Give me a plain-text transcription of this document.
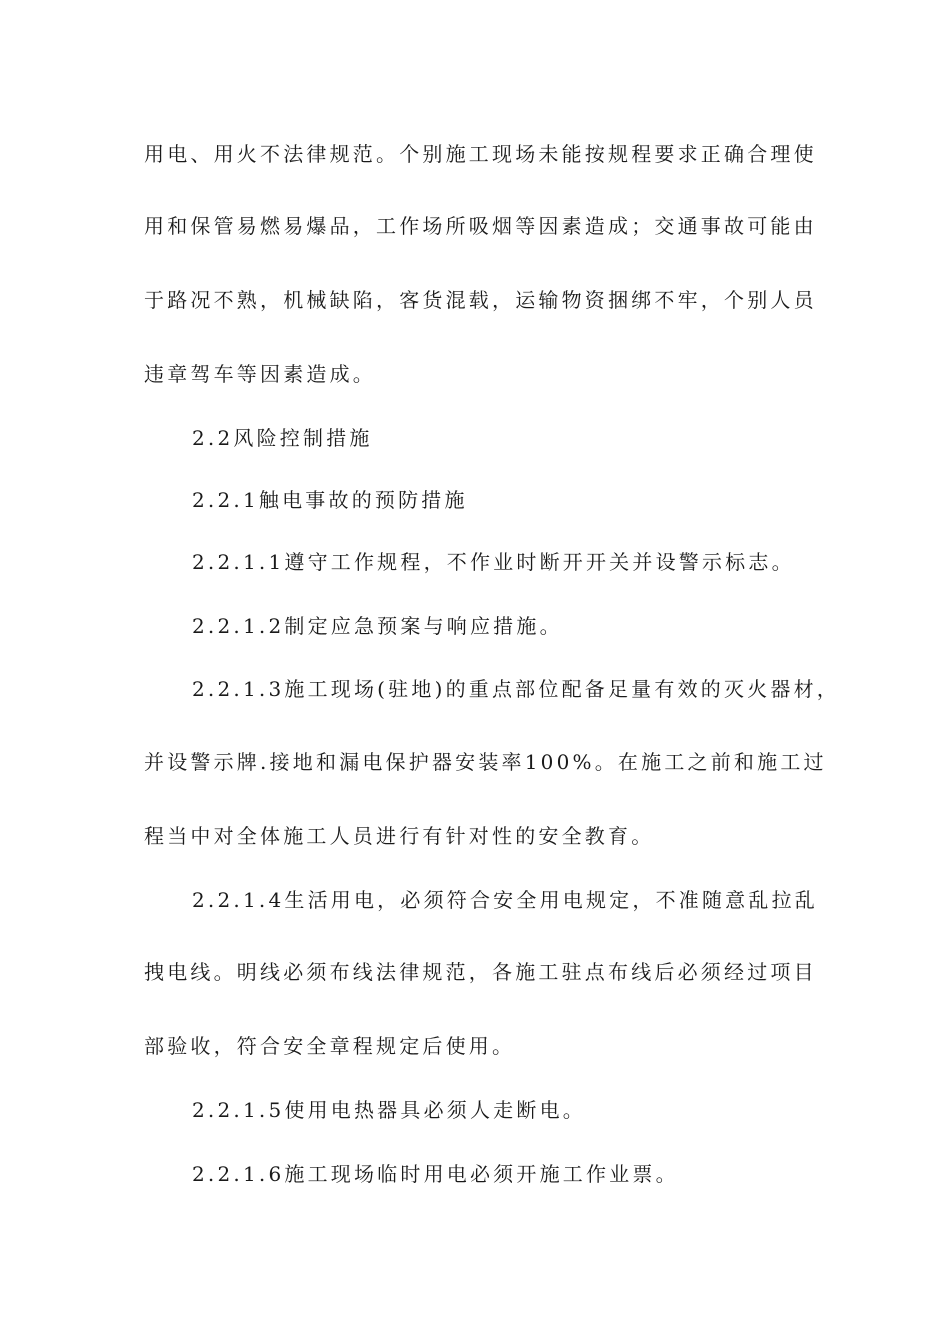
用电、用火不法律规范。个别施工现场未能按规程要求正确合理使
用和保管易燃易爆品，工作场所吸烟等因素造成；交通事故可能由
于路况不熟，机械缺陷，客货混载，运输物资捆绑不牢，个别人员
违章驾车等因素造成。
2.2风险控制措施
2.2.1触电事故的预防措施
2.2.1.1遵守工作规程，不作业时断开开关并设警示标志。
2.2.1.2制定应急预案与响应措施。
2.2.1.3施工现场(驻地)的重点部位配备足量有效的灭火器材，
并设警示牌.接地和漏电保护器安装率100%。在施工之前和施工过
程当中对全体施工人员进行有针对性的安全教育。
2.2.1.4生活用电，必须符合安全用电规定，不准随意乱拉乱
拽电线。明线必须布线法律规范，各施工驻点布线后必须经过项目
部验收，符合安全章程规定后使用。
2.2.1.5使用电热器具必须人走断电。
2.2.1.6施工现场临时用电必须开施工作业票。
